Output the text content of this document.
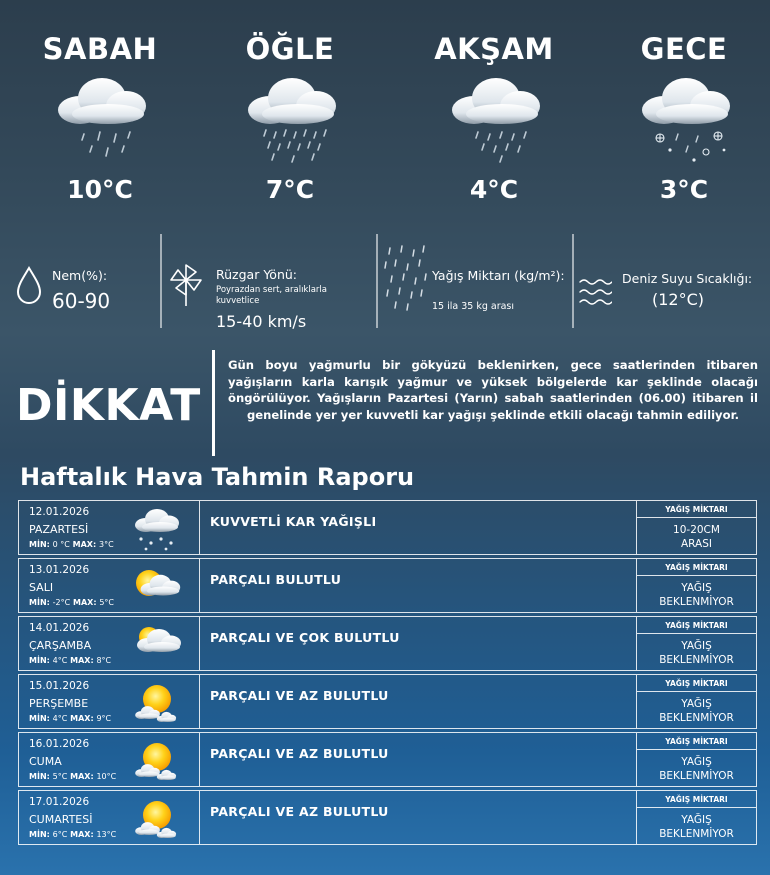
SABAH
10°C
ÖĞLE
7°C
AKŞAM
4°C
GECE
3°C
Nem(%):
60-90
Rüzgar Yönü:
Poyrazdan sert, aralıklarla kuvvetlice
15-40 km/s
Yağış Miktarı (kg/m²):
15 ila 35 kg arası
Deniz Suyu Sıcaklığı:
(12°C)
DİKKAT
Gün boyu yağmurlu bir gökyüzü beklenirken, gece saatlerinden itibaren yağışların karla karışık yağmur ve yüksek bölgelerde kar şeklinde olacağı öngörülüyor. Yağışların Pazartesi (Yarın) sabah saatlerinden (06.00) itibaren il genelinde yer yer kuvvetli kar yağışı şeklinde etkili olacağı tahmin ediliyor.
Haftalık Hava Tahmin Raporu
12.01.2026
PAZARTESİ
MİN: 0 °C MAX: 3°C
KUVVETLİ KAR YAĞIŞLI
YAĞIŞ MİKTARI
10-20CM
ARASI
13.01.2026
SALI
MİN: -2°C MAX: 5°C
PARÇALI BULUTLU
YAĞIŞ MİKTARI
YAĞIŞ
BEKLENMİYOR
14.01.2026
ÇARŞAMBA
MİN: 4°C MAX: 8°C
PARÇALI VE ÇOK BULUTLU
YAĞIŞ MİKTARI
YAĞIŞ
BEKLENMİYOR
15.01.2026
PERŞEMBE
MİN: 4°C MAX: 9°C
PARÇALI VE AZ BULUTLU
YAĞIŞ MİKTARI
YAĞIŞ
BEKLENMİYOR
16.01.2026
CUMA
MİN: 5°C MAX: 10°C
PARÇALI VE AZ BULUTLU
YAĞIŞ MİKTARI
YAĞIŞ
BEKLENMİYOR
17.01.2026
CUMARTESİ
MİN: 6°C MAX: 13°C
PARÇALI VE AZ BULUTLU
YAĞIŞ MİKTARI
YAĞIŞ
BEKLENMİYOR
